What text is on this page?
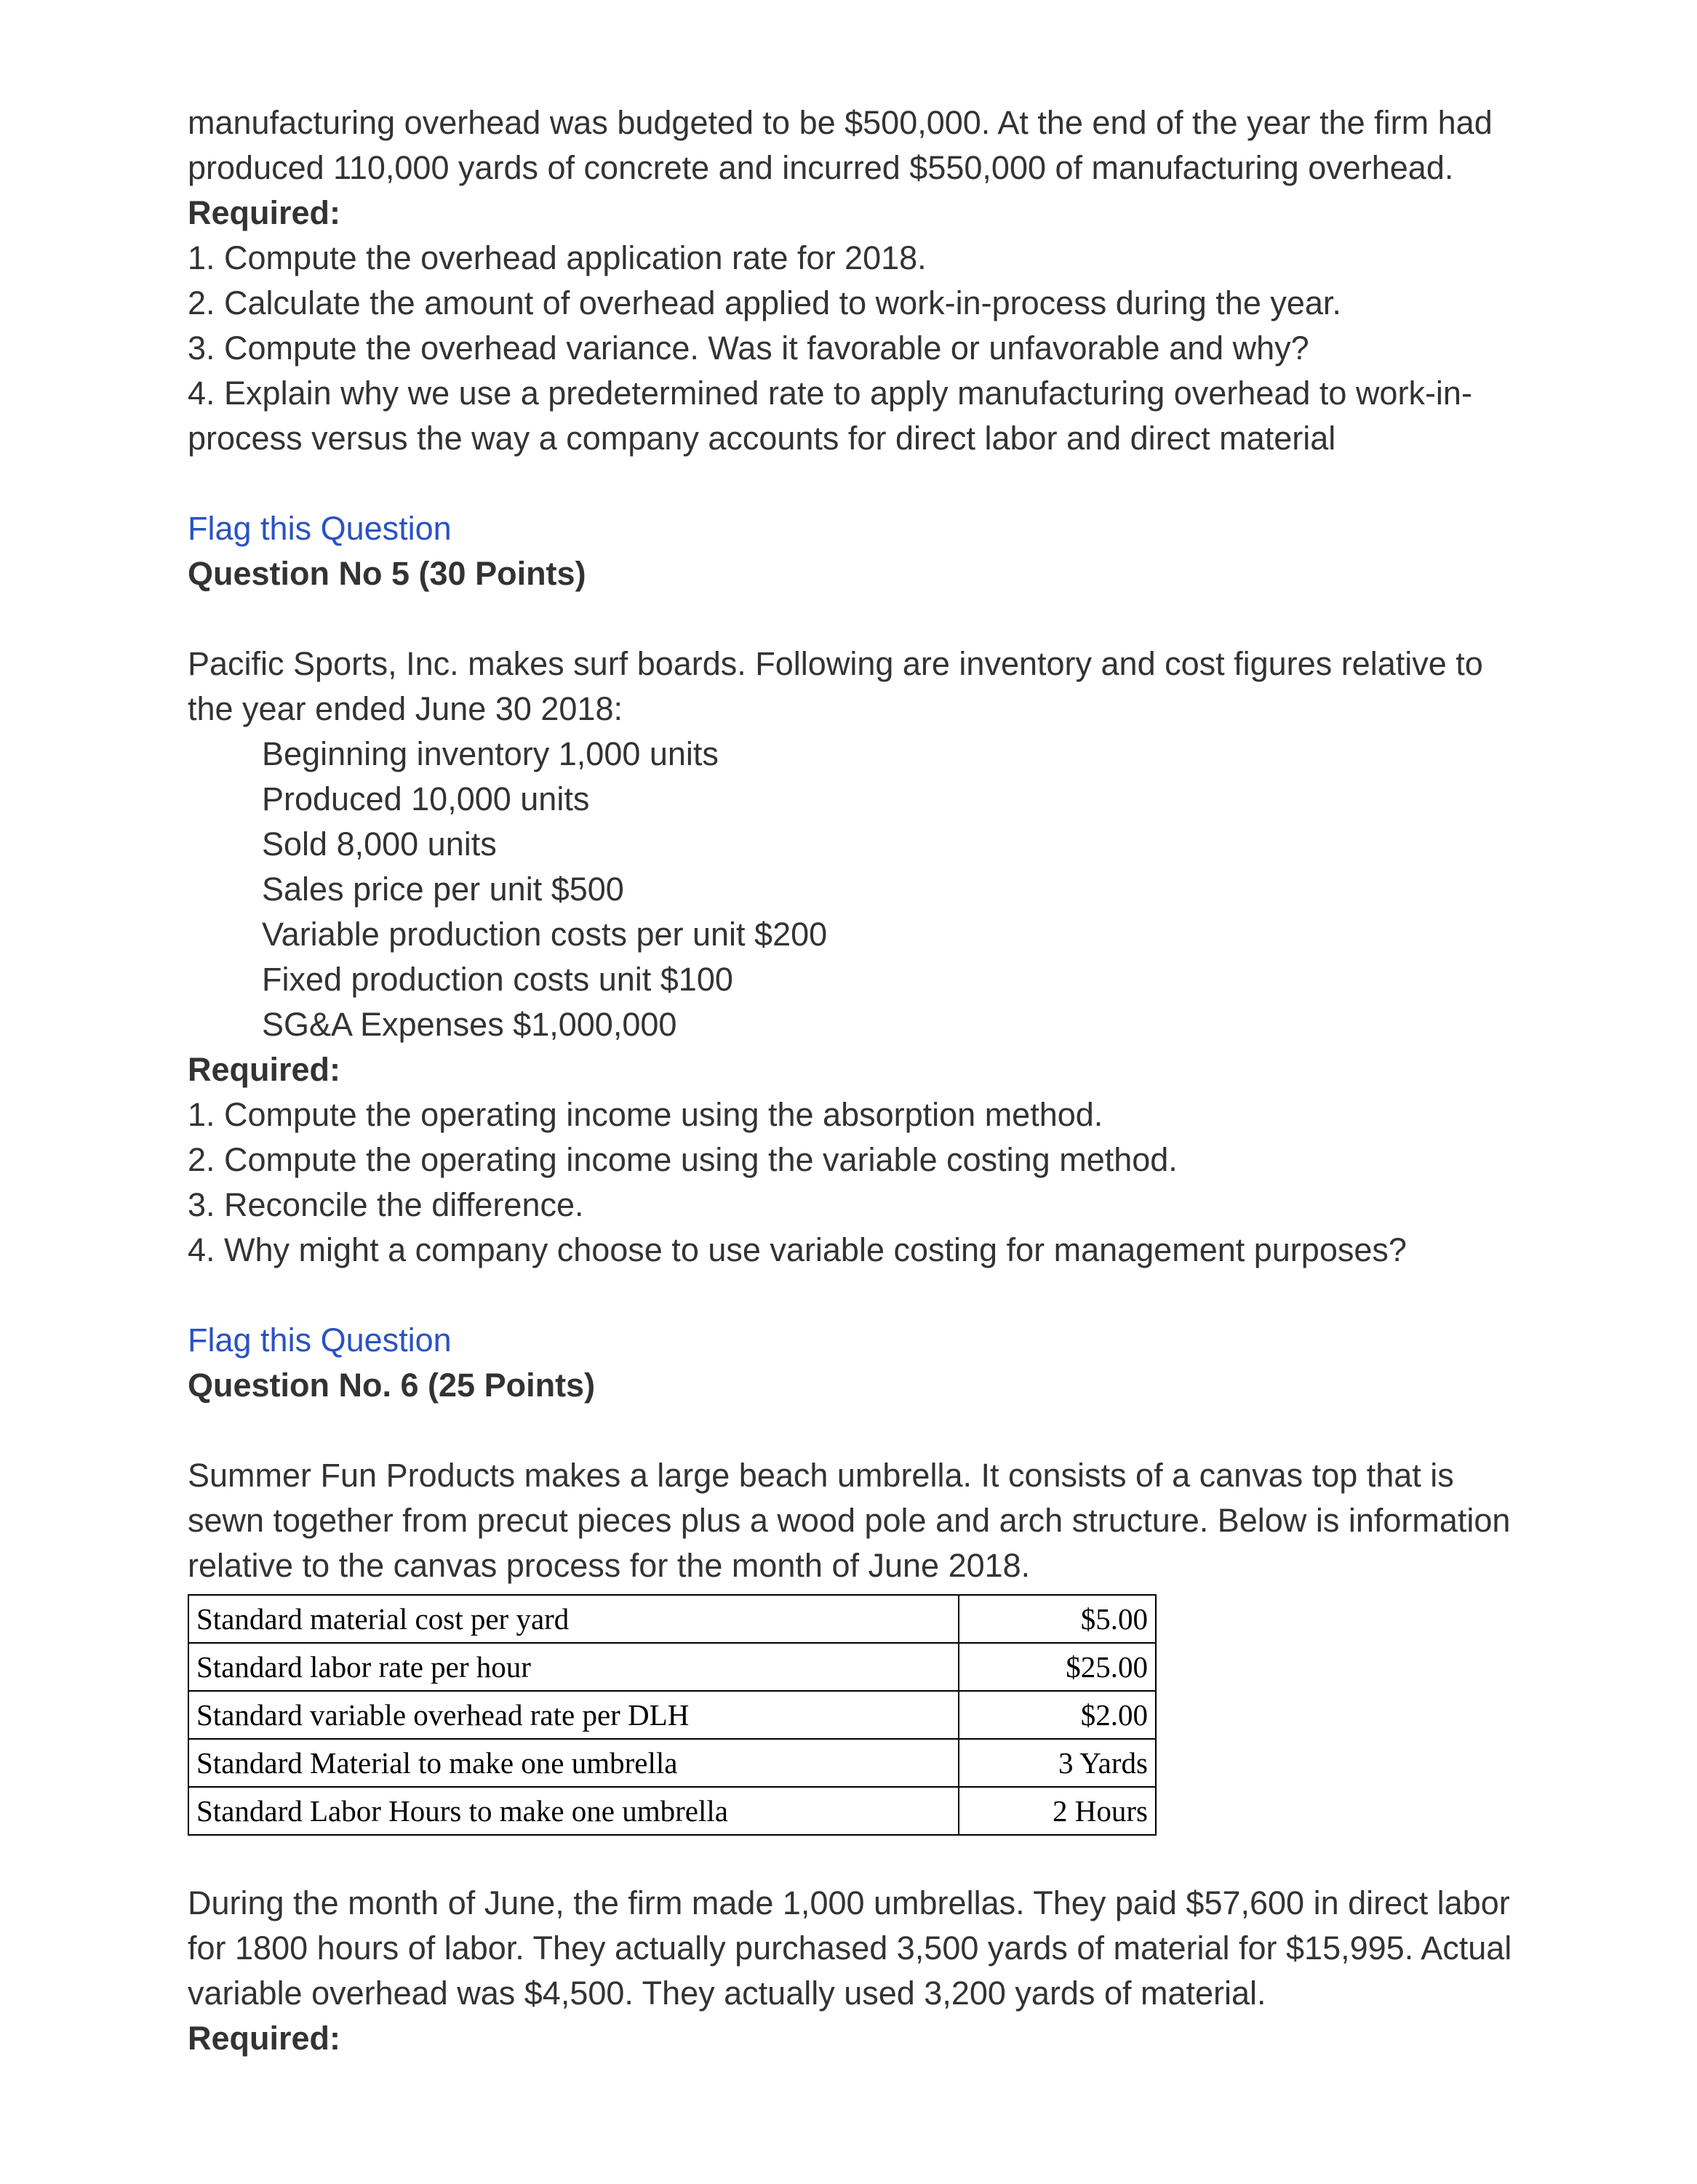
manufacturing overhead was budgeted to be $500,000. At the end of the year the firm had produced 110,000 yards of concrete and incurred $550,000 of manufacturing overhead.

Required:

1. Compute the overhead application rate for 2018.

2. Calculate the amount of overhead applied to work-in-process during the year.

3. Compute the overhead variance. Was it favorable or unfavorable and why?

4. Explain why we use a predetermined rate to apply manufacturing overhead to work-in-process versus the way a company accounts for direct labor and direct material

Flag this Question

Question No 5 (30 Points)

Pacific Sports, Inc. makes surf boards. Following are inventory and cost figures relative to the year ended June 30 2018:

Beginning inventory 1,000 units

Produced 10,000 units

Sold 8,000 units

Sales price per unit $500

Variable production costs per unit $200

Fixed production costs unit $100

SG&A Expenses $1,000,000

Required:

1. Compute the operating income using the absorption method.

2. Compute the operating income using the variable costing method.

3. Reconcile the difference.

4. Why might a company choose to use variable costing for management purposes?

Flag this Question

Question No. 6 (25 Points)

Summer Fun Products makes a large beach umbrella. It consists of a canvas top that is sewn together from precut pieces plus a wood pole and arch structure. Below is information relative to the canvas process for the month of June 2018.

Standard material cost per yard	$5.00
Standard labor rate per hour	$25.00
Standard variable overhead rate per DLH	$2.00
Standard Material to make one umbrella	3 Yards
Standard Labor Hours to make one umbrella	2 Hours

During the month of June, the firm made 1,000 umbrellas. They paid $57,600 in direct labor for 1800 hours of labor. They actually purchased 3,500 yards of material for $15,995. Actual variable overhead was $4,500. They actually used 3,200 yards of material.

Required:
